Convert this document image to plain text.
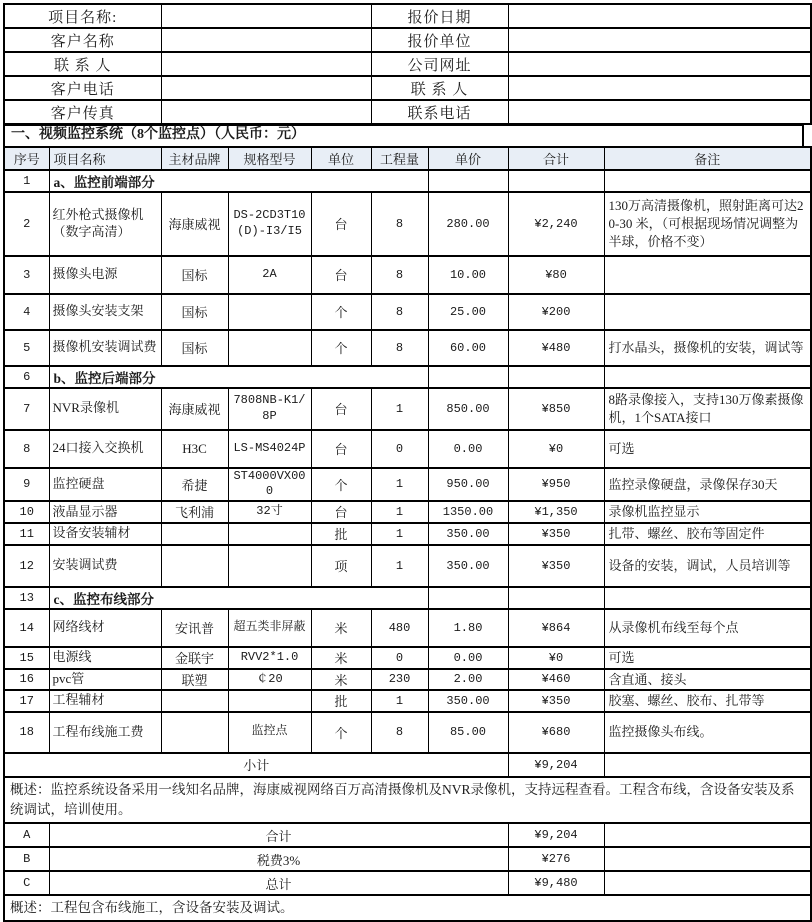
项目名称:		报价日期	
客户名称		报价单位	
联 系 人		公司网址	
客户电话		联 系 人	
客户传真		联系电话	
一、视频监控系统（8个监控点）（人民币：元）
序号	项目名称	主材品牌	规格型号	单位	工程量	单价	合计	备注
1	a、监控前端部分							
2	红外枪式摄像机（数字高清）	海康威视	DS-2CD3T10(D)-I3/I5	台	8	280.00	¥2,240	130万高清摄像机，照射距离可达20-30 米，（可根据现场情况调整为半球，价格不变）
3	摄像头电源	国标	2A	台	8	10.00	¥80	
4	摄像头安装支架	国标		个	8	25.00	¥200	
5	摄像机安装调试费	国标		个	8	60.00	¥480	打水晶头，摄像机的安装，调试等
6	b、监控后端部分							
7	NVR录像机	海康威视	7808NB-K1/8P	台	1	850.00	¥850	8路录像接入，支持130万像素摄像机，1个SATA接口
8	24口接入交换机	H3C	LS-MS4024P	台	0	0.00	¥0	可选
9	监控硬盘	希捷	ST4000VX000	个	1	950.00	¥950	监控录像硬盘，录像保存30天
10	液晶显示器	飞利浦	32寸	台	1	1350.00	¥1,350	录像机监控显示
11	设备安装辅材			批	1	350.00	¥350	扎带、螺丝、胶布等固定件
12	安装调试费			项	1	350.00	¥350	设备的安装，调试，人员培训等
13	c、监控布线部分							
14	网络线材	安讯普	超五类非屏蔽	米	480	1.80	¥864	从录像机布线至每个点
15	电源线	金联宇	RVV2*1.0	米	0	0.00	¥0	可选
16	pvc管	联塑	￠20	米	230	2.00	¥460	含直通、接头
17	工程辅材			批	1	350.00	¥350	胶塞、螺丝、胶布、扎带等
18	工程布线施工费		监控点	个	8	85.00	¥680	监控摄像头布线。
小计							¥9,204	
概述：监控系统设备采用一线知名品牌，海康威视网络百万高清摄像机及NVR录像机，支持远程查看。工程含布线，含设备安装及系统调试，培训使用。								
A	合计						¥9,204	
B	税费3%						¥276	
C	总计						¥9,480	
概述：工程包含布线施工，含设备安装及调试。								
